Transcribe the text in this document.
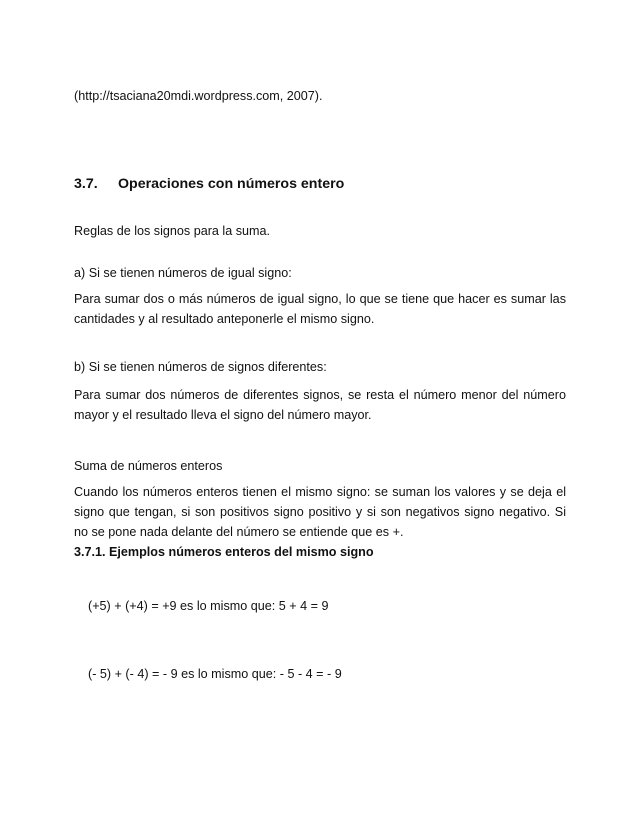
(http://tsaciana20mdi.wordpress.com, 2007).

3.7. Operaciones con números entero

Reglas de los signos para la suma.

a) Si se tienen números de igual signo:

Para sumar dos o más números de igual signo, lo que se tiene que hacer es sumar las cantidades y al resultado anteponerle el mismo signo.

b) Si se tienen números de signos diferentes:

Para sumar dos números de diferentes signos, se resta el número menor del número mayor y el resultado lleva el signo del número mayor.

Suma de números enteros

Cuando los números enteros tienen el mismo signo: se suman los valores y se deja el signo que tengan, si son positivos signo positivo y si son negativos signo negativo. Si no se pone nada delante del número se entiende que es +.

3.7.1. Ejemplos números enteros del mismo signo

(+5) + (+4) = +9 es lo mismo que: 5 + 4 = 9

(- 5) + (- 4) = - 9 es lo mismo que: - 5 - 4 = - 9
